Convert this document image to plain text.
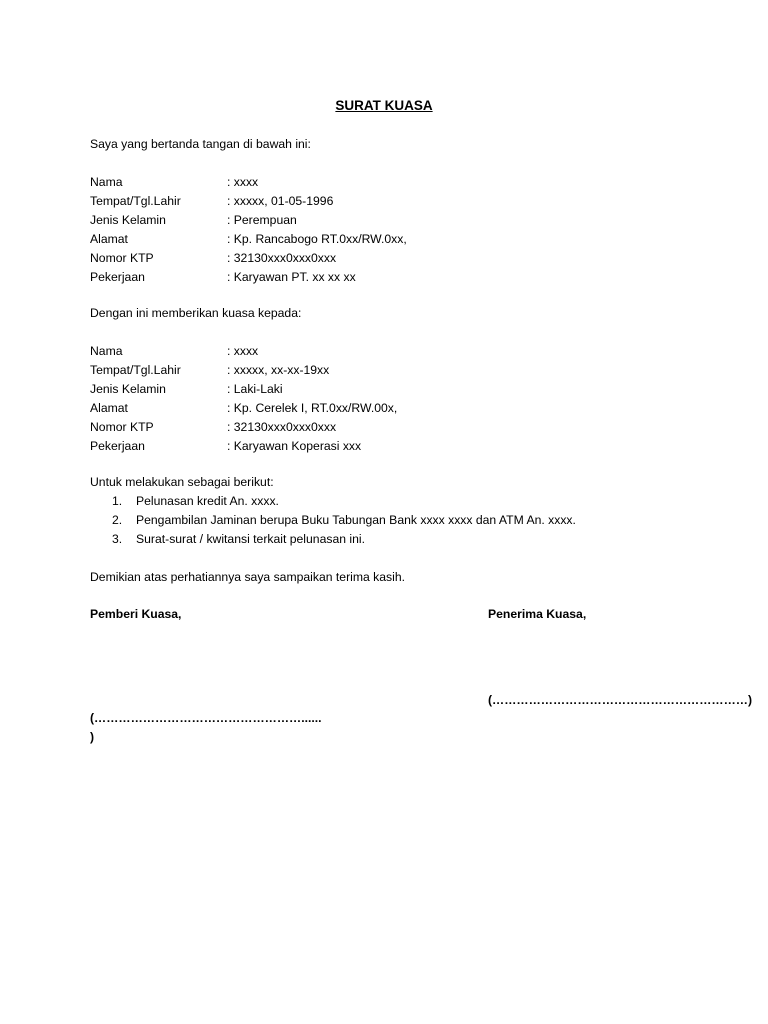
SURAT KUASA
Saya yang bertanda tangan di bawah ini:
Nama	: xxxx
Tempat/Tgl.Lahir	: xxxxx, 01-05-1996
Jenis Kelamin	: Perempuan
Alamat	: Kp. Rancabogo RT.0xx/RW.0xx,
Nomor KTP	: 32130xxx0xxx0xxx
Pekerjaan	: Karyawan PT. xx xx xx
Dengan ini memberikan kuasa kepada:
Nama	: xxxx
Tempat/Tgl.Lahir	: xxxxx, xx-xx-19xx
Jenis Kelamin	: Laki-Laki
Alamat	: Kp. Cerelek I, RT.0xx/RW.00x,
Nomor KTP	: 32130xxx0xxx0xxx
Pekerjaan	: Karyawan Koperasi xxx
Untuk melakukan sebagai berikut:
1. Pelunasan kredit An. xxxx.
2. Pengambilan Jaminan berupa Buku Tabungan Bank xxxx xxxx dan ATM An. xxxx.
3. Surat-surat / kwitansi terkait pelunasan ini.
Demikian atas perhatiannya saya sampaikan terima kasih.
Pemberi Kuasa,	Penerima Kuasa,
(………………………………………………………)
(……………………………………………......
)
